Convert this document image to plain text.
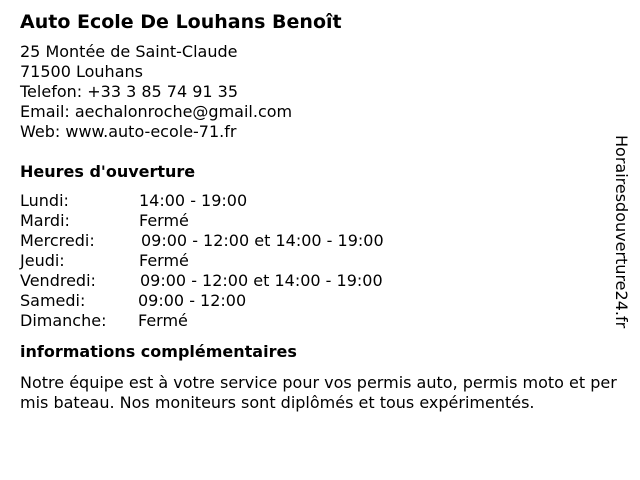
Auto Ecole De Louhans Benoît
25 Montée de Saint-Claude
71500 Louhans
Telefon: +33 3 85 74 91 35
Email: aechalonroche@gmail.com
Web: www.auto-ecole-71.fr
Heures d'ouverture
Lundi:	14:00 - 19:00
Mardi:	Fermé
Mercredi:	09:00 - 12:00 et 14:00 - 19:00
Jeudi:	Fermé
Vendredi:	09:00 - 12:00 et 14:00 - 19:00
Samedi:	09:00 - 12:00
Dimanche: Fermé
informations complémentaires
Notre équipe est à votre service pour vos permis auto, permis moto et permis bateau. Nos moniteurs sont diplômés et tous expérimentés.
Horairesdouverture24.fr
